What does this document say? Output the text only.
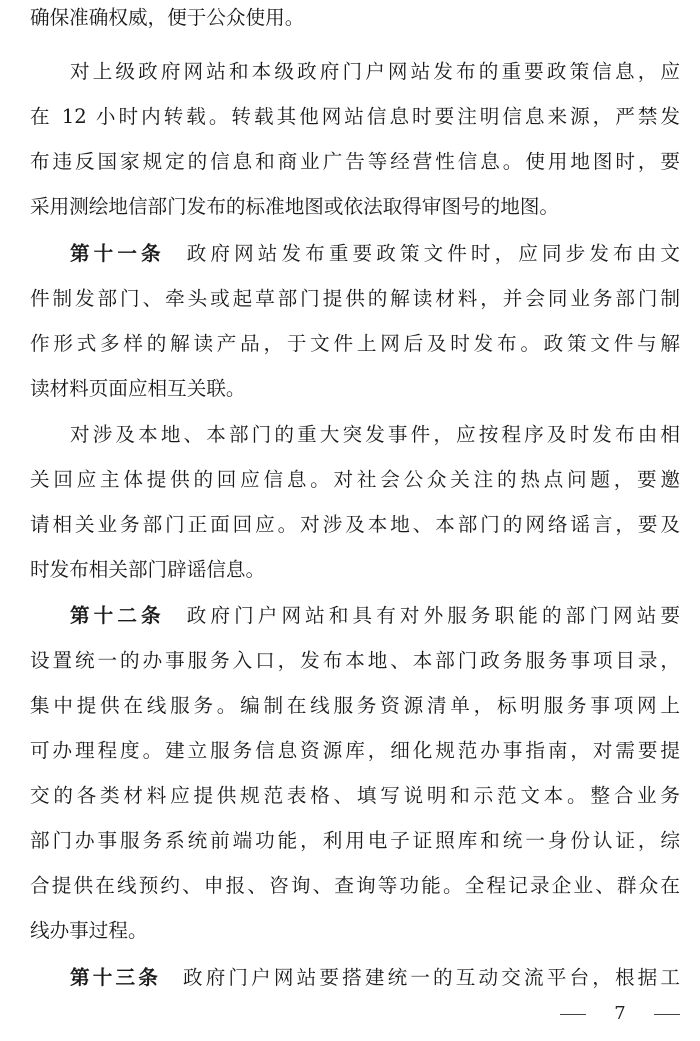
确保准确权威，便于公众使用。
对上级政府网站和本级政府门户网站发布的重要政策信息，应
在 12 小时内转载。转载其他网站信息时要注明信息来源，严禁发
布违反国家规定的信息和商业广告等经营性信息。使用地图时，要
采用测绘地信部门发布的标准地图或依法取得审图号的地图。
第十一条 政府网站发布重要政策文件时，应同步发布由文
件制发部门、牵头或起草部门提供的解读材料，并会同业务部门制
作形式多样的解读产品，于文件上网后及时发布。政策文件与解
读材料页面应相互关联。
对涉及本地、本部门的重大突发事件，应按程序及时发布由相
关回应主体提供的回应信息。对社会公众关注的热点问题，要邀
请相关业务部门正面回应。对涉及本地、本部门的网络谣言，要及
时发布相关部门辟谣信息。
第十二条 政府门户网站和具有对外服务职能的部门网站要
设置统一的办事服务入口，发布本地、本部门政务服务事项目录，
集中提供在线服务。编制在线服务资源清单，标明服务事项网上
可办理程度。建立服务信息资源库，细化规范办事指南，对需要提
交的各类材料应提供规范表格、填写说明和示范文本。整合业务
部门办事服务系统前端功能，利用电子证照库和统一身份认证，综
合提供在线预约、申报、咨询、查询等功能。全程记录企业、群众在
线办事过程。
第十三条 政府门户网站要搭建统一的互动交流平台，根据工
7
